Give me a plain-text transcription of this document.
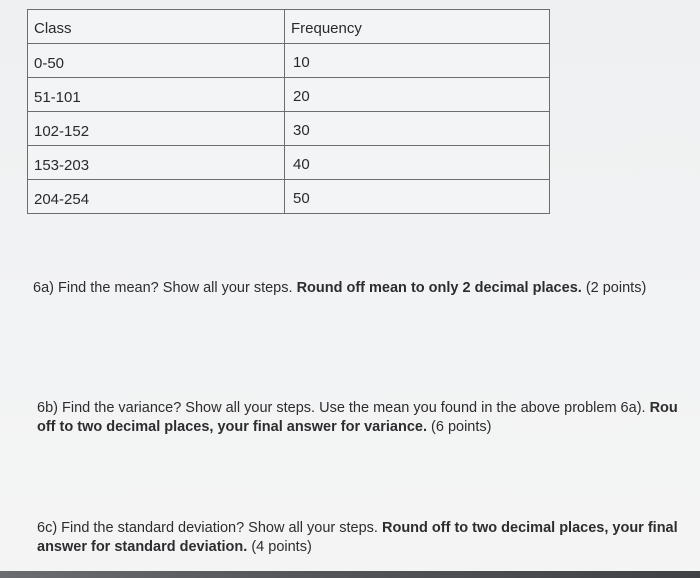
Class	Frequency

0-50	10

51-101	20

102-152	30

153-203	40

204-254	50
6a) Find the mean? Show all your steps. Round off mean to only 2 decimal places. (2 points)
6b) Find the variance? Show all your steps. Use the mean you found in the above problem 6a). Rou
off to two decimal places, your final answer for variance. (6 points)
6c) Find the standard deviation? Show all your steps. Round off to two decimal places, your final
answer for standard deviation. (4 points)
